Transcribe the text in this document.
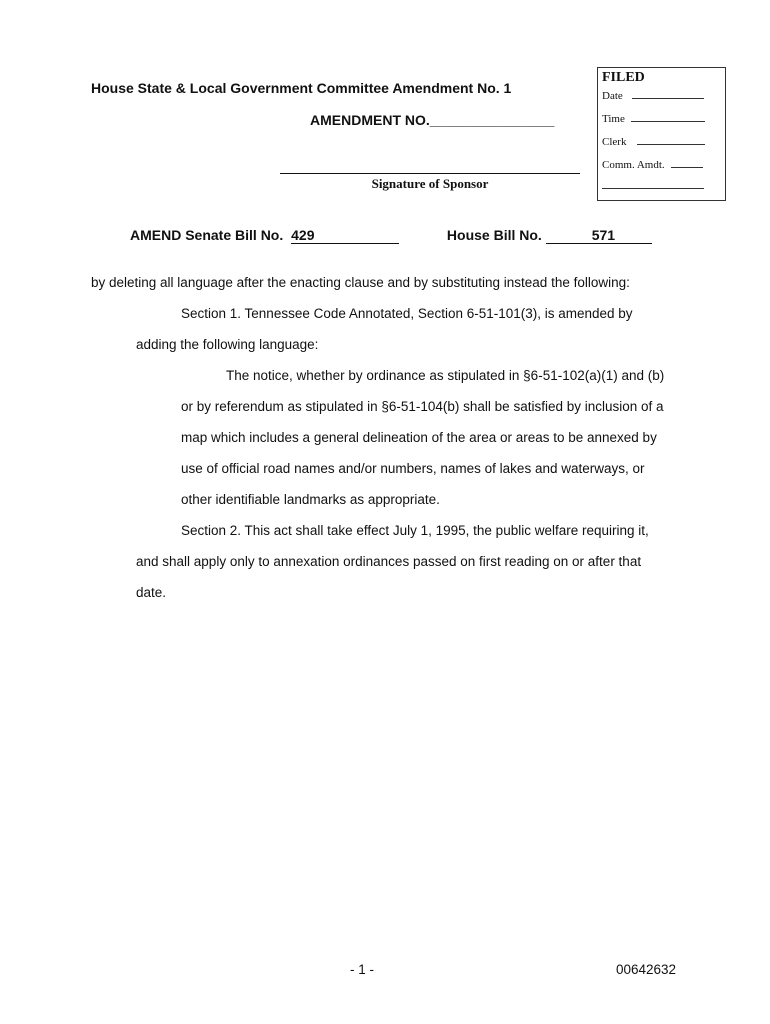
House State & Local Government Committee Amendment No. 1
AMENDMENT NO.________________
Signature of Sponsor
FILED
Date
Time
Clerk
Comm. Amdt.
AMEND Senate Bill No. 429	House Bill No.	571
by deleting all language after the enacting clause and by substituting instead the following:
Section 1. Tennessee Code Annotated, Section 6-51-101(3), is amended by
adding the following language:
The notice, whether by ordinance as stipulated in §6-51-102(a)(1) and (b)
or by referendum as stipulated in §6-51-104(b) shall be satisfied by inclusion of a
map which includes a general delineation of the area or areas to be annexed by
use of official road names and/or numbers, names of lakes and waterways, or
other identifiable landmarks as appropriate.
Section 2. This act shall take effect July 1, 1995, the public welfare requiring it,
and shall apply only to annexation ordinances passed on first reading on or after that
date.
- 1 -	00642632
